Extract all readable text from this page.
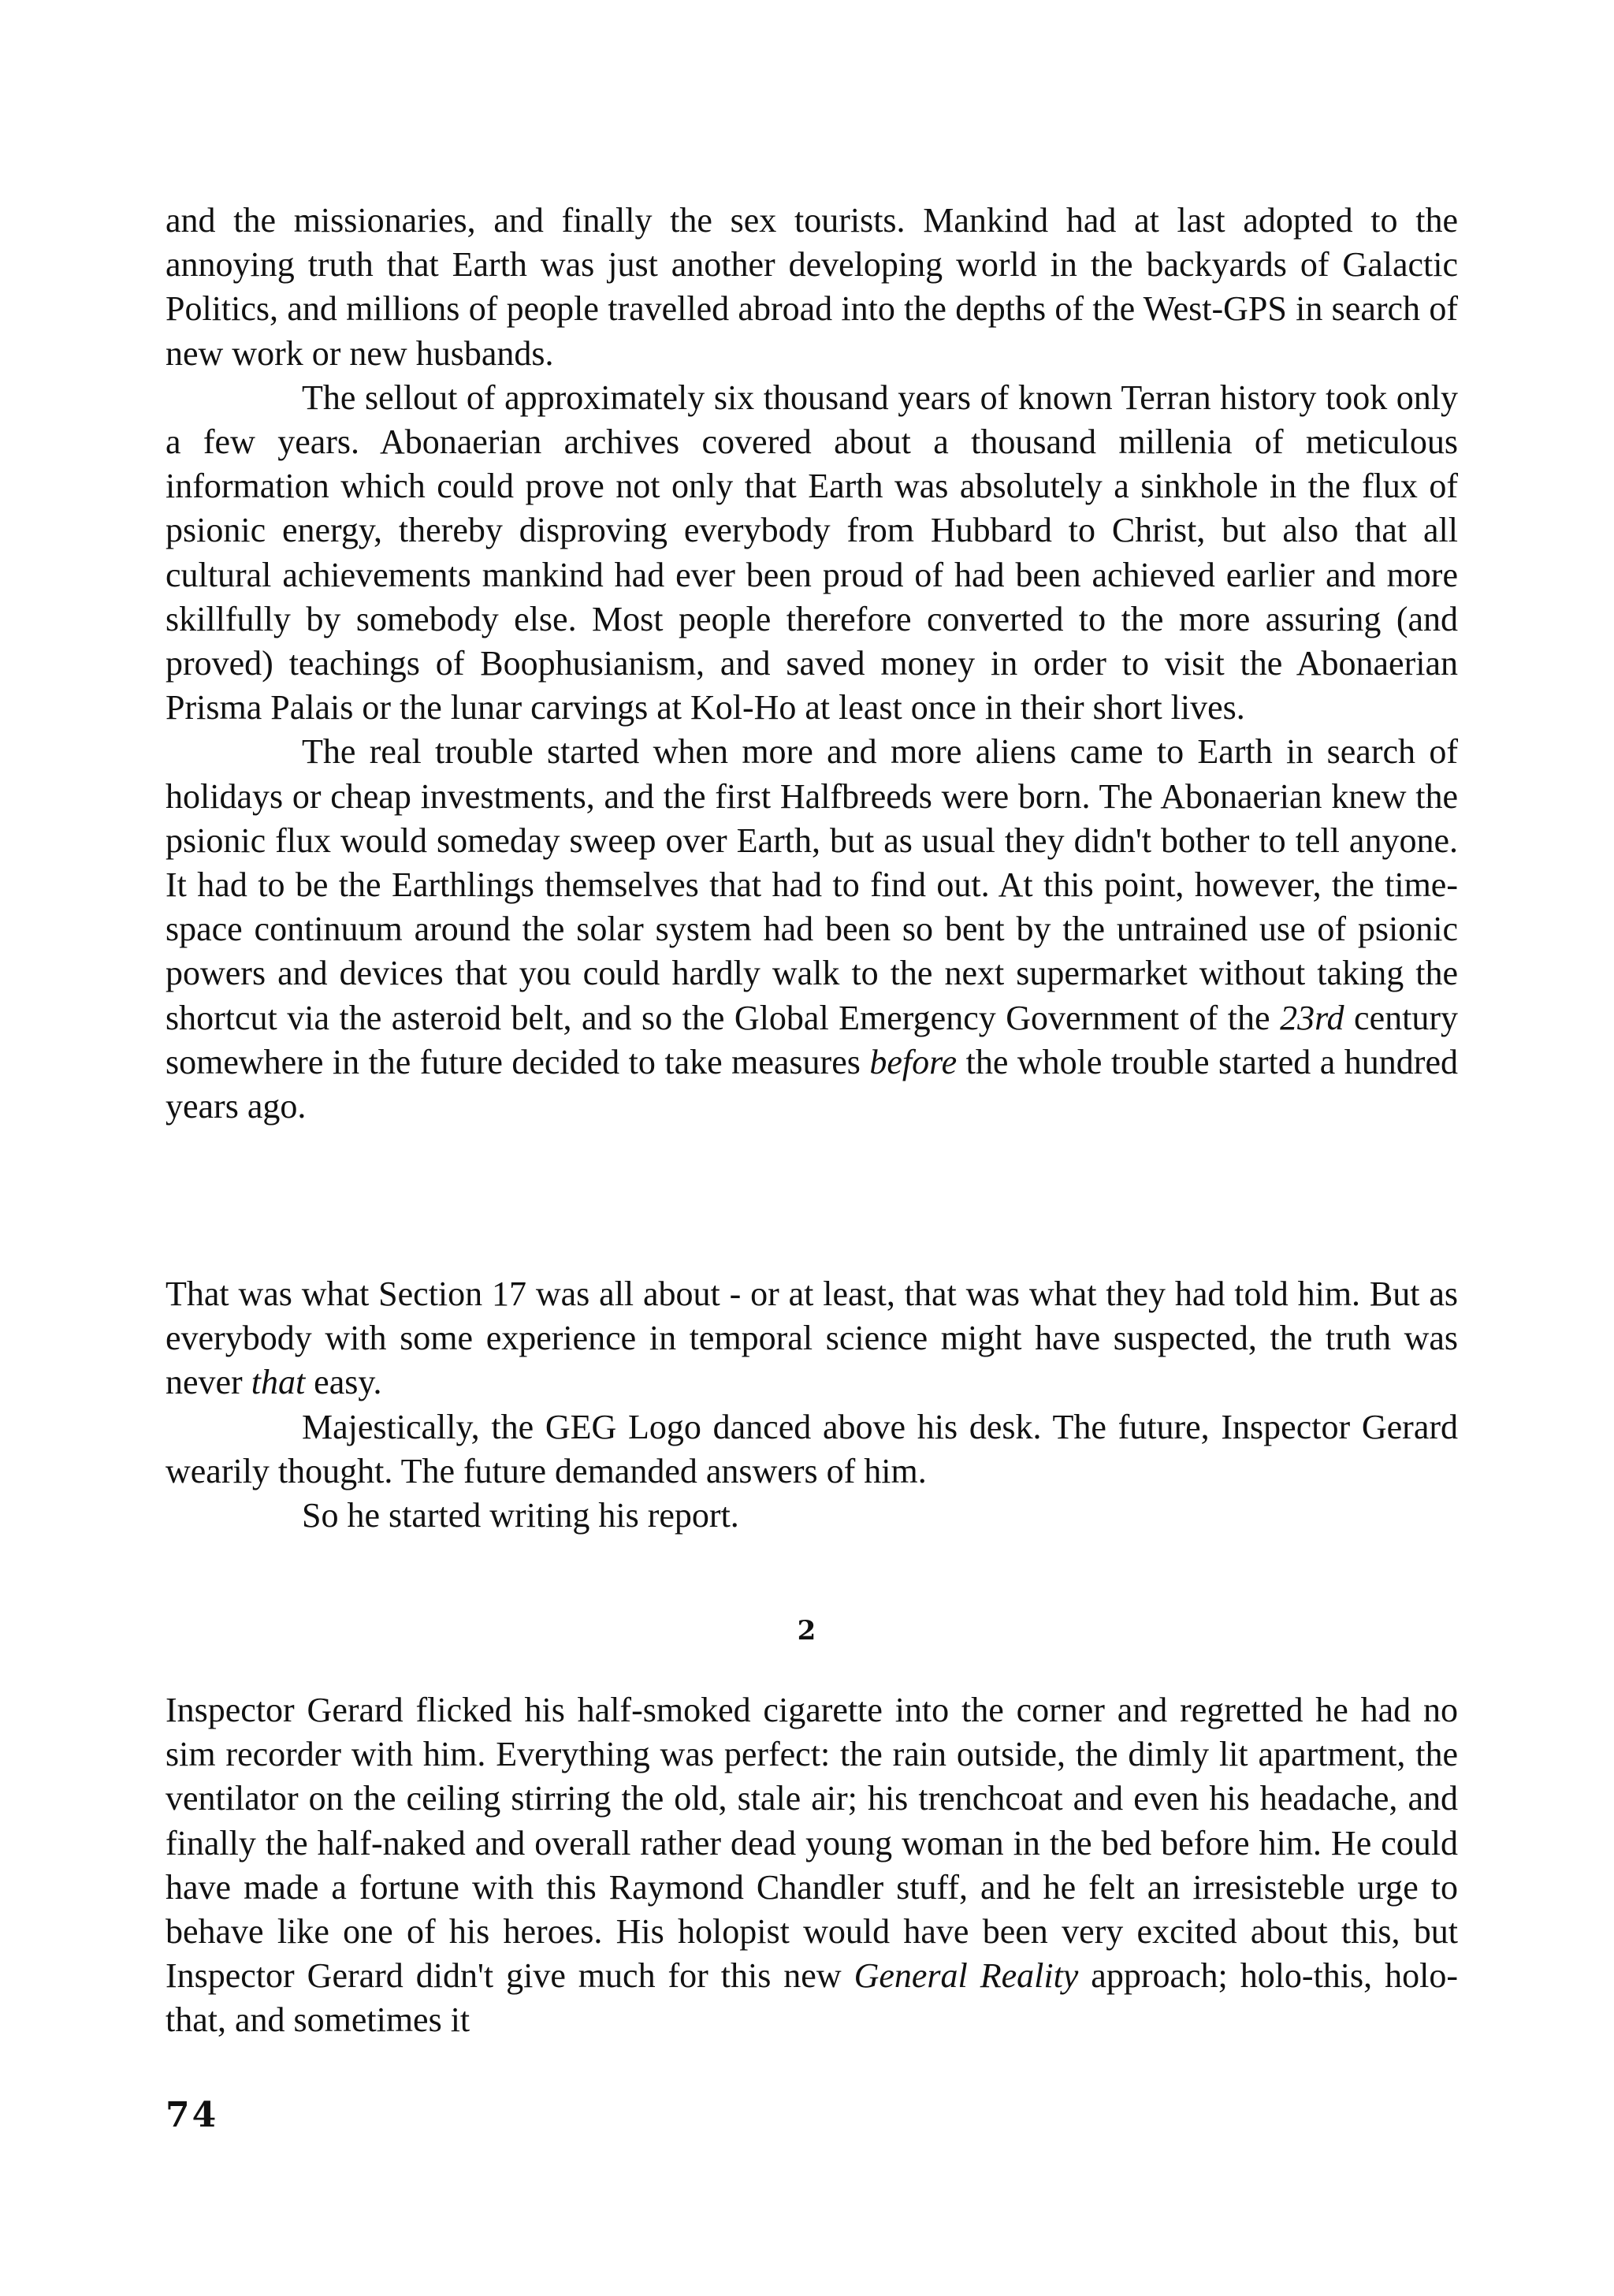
and the missionaries, and finally the sex tourists. Mankind had at last adopted to the annoying truth that Earth was just another developing world in the backyards of Galactic Politics, and millions of people travelled abroad into the depths of the West-GPS in search of new work or new husbands.

The sellout of approximately six thousand years of known Terran history took only a few years. Abonaerian archives covered about a thousand millenia of meticulous information which could prove not only that Earth was absolutely a sinkhole in the flux of psionic energy, thereby disproving everybody from Hubbard to Christ, but also that all cultural achievements mankind had ever been proud of had been achieved earlier and more skillfully by somebody else. Most people therefore converted to the more assuring (and proved) teachings of Boophusianism, and saved money in order to visit the Abonaerian Prisma Palais or the lunar carvings at Kol-Ho at least once in their short lives.

The real trouble started when more and more aliens came to Earth in search of holidays or cheap investments, and the first Halfbreeds were born. The Abonaerian knew the psionic flux would someday sweep over Earth, but as usual they didn't bother to tell anyone. It had to be the Earthlings themselves that had to find out. At this point, however, the time-space continuum around the solar system had been so bent by the untrained use of psionic powers and devices that you could hardly walk to the next supermarket without taking the shortcut via the asteroid belt, and so the Global Emergency Government of the 23rd century somewhere in the future decided to take measures before the whole trouble started a hundred years ago.

That was what Section 17 was all about - or at least, that was what they had told him. But as everybody with some experience in temporal science might have suspected, the truth was never that easy.

Majestically, the GEG Logo danced above his desk. The future, Inspector Gerard wearily thought. The future demanded answers of him.

So he started writing his report.

2

Inspector Gerard flicked his half-smoked cigarette into the corner and regretted he had no sim recorder with him. Everything was perfect: the rain outside, the dimly lit apartment, the ventilator on the ceiling stirring the old, stale air; his trenchcoat and even his headache, and finally the half-naked and overall rather dead young woman in the bed before him. He could have made a fortune with this Raymond Chandler stuff, and he felt an irresisteble urge to behave like one of his heroes. His holopist would have been very excited about this, but Inspector Gerard didn't give much for this new General Reality approach; holo-this, holo-that, and sometimes it

74
